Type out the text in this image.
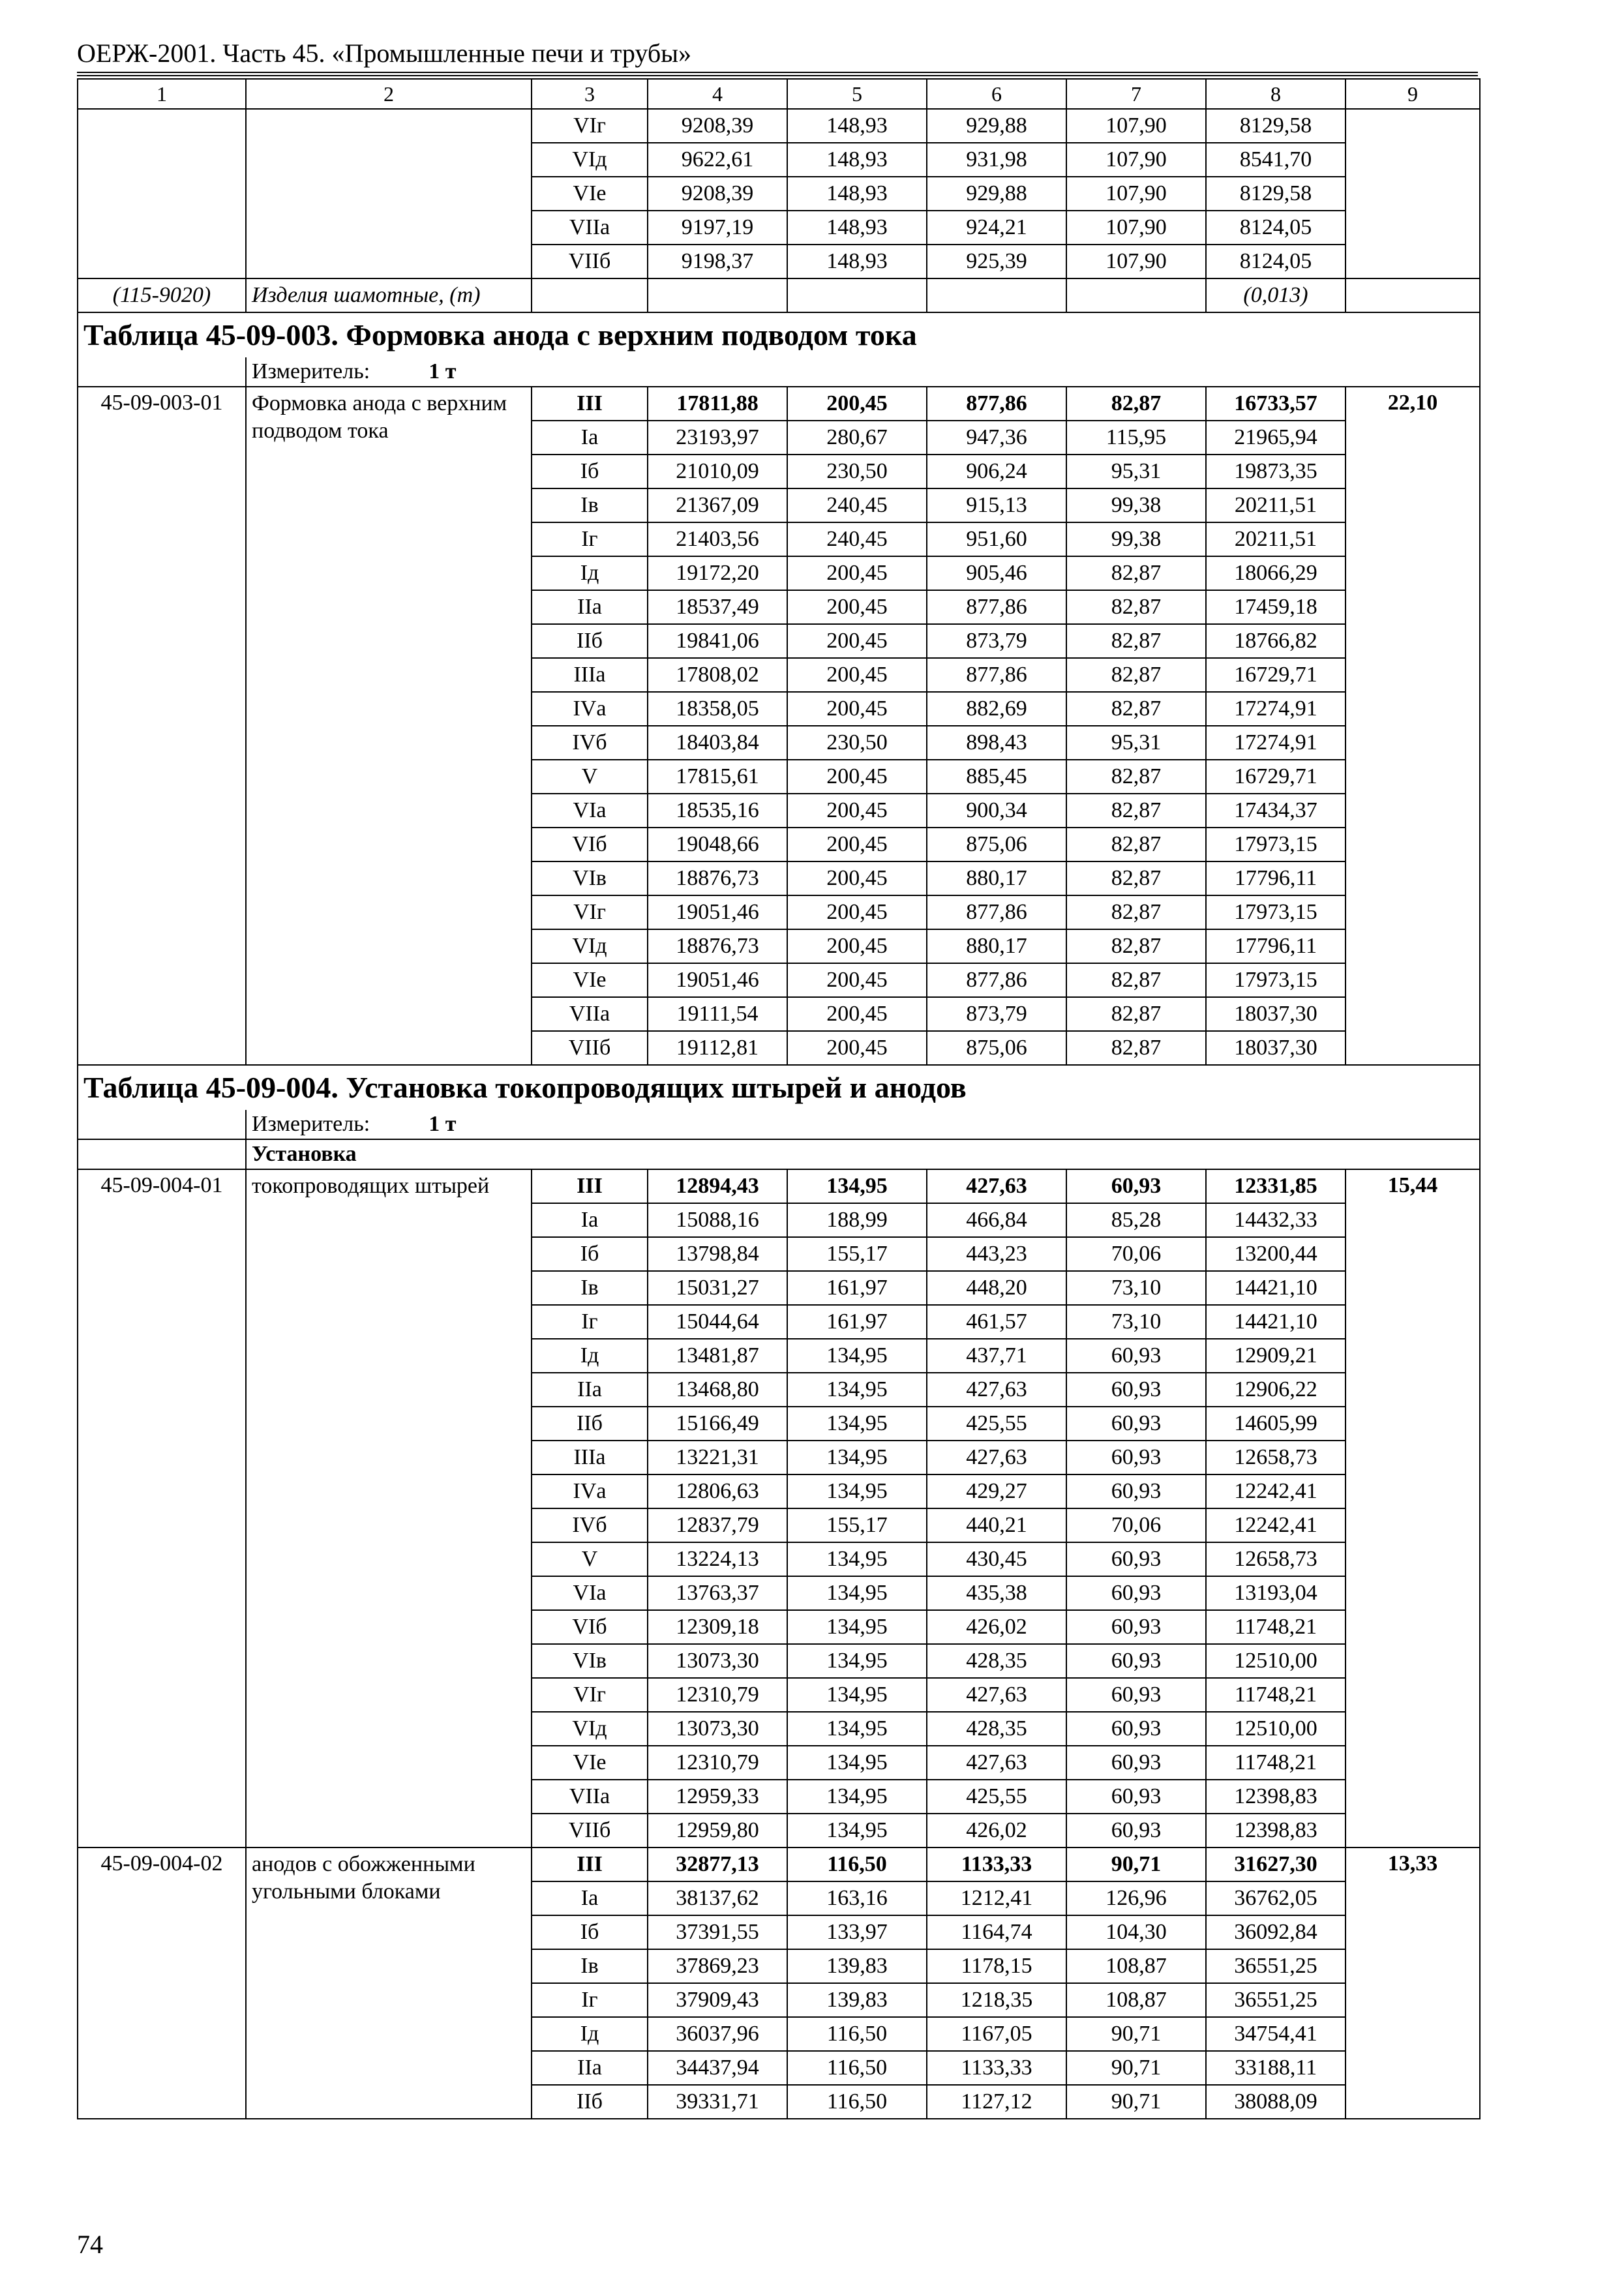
ОЕРЖ-2001. Часть 45. «Промышленные печи и трубы»
1	2	3	4	5	6	7	8	9
		VIг	9208,39	148,93	929,88	107,90	8129,58	
		VIд	9622,61	148,93	931,98	107,90	8541,70	
		VIе	9208,39	148,93	929,88	107,90	8129,58	
		VIIа	9197,19	148,93	924,21	107,90	8124,05	
		VIIб	9198,37	148,93	925,39	107,90	8124,05	
(115-9020)	Изделия шамотные, (т)						(0,013)	
Таблица 45-09-003. Формовка анода с верхним подводом тока								
	Измеритель: 1 т							
45-09-003-01	Формовка анода с верхним подводом тока	III	17811,88	200,45	877,86	82,87	16733,57	22,10
		Iа	23193,97	280,67	947,36	115,95	21965,94	
		Iб	21010,09	230,50	906,24	95,31	19873,35	
		Iв	21367,09	240,45	915,13	99,38	20211,51	
		Iг	21403,56	240,45	951,60	99,38	20211,51	
		Iд	19172,20	200,45	905,46	82,87	18066,29	
		IIа	18537,49	200,45	877,86	82,87	17459,18	
		IIб	19841,06	200,45	873,79	82,87	18766,82	
		IIIа	17808,02	200,45	877,86	82,87	16729,71	
		IVа	18358,05	200,45	882,69	82,87	17274,91	
		IVб	18403,84	230,50	898,43	95,31	17274,91	
		V	17815,61	200,45	885,45	82,87	16729,71	
		VIа	18535,16	200,45	900,34	82,87	17434,37	
		VIб	19048,66	200,45	875,06	82,87	17973,15	
		VIв	18876,73	200,45	880,17	82,87	17796,11	
		VIг	19051,46	200,45	877,86	82,87	17973,15	
		VIд	18876,73	200,45	880,17	82,87	17796,11	
		VIе	19051,46	200,45	877,86	82,87	17973,15	
		VIIа	19111,54	200,45	873,79	82,87	18037,30	
		VIIб	19112,81	200,45	875,06	82,87	18037,30	
Таблица 45-09-004. Установка токопроводящих штырей и анодов								
	Измеритель: 1 т							
	Установка							
45-09-004-01	токопроводящих штырей	III	12894,43	134,95	427,63	60,93	12331,85	15,44
		Iа	15088,16	188,99	466,84	85,28	14432,33	
		Iб	13798,84	155,17	443,23	70,06	13200,44	
		Iв	15031,27	161,97	448,20	73,10	14421,10	
		Iг	15044,64	161,97	461,57	73,10	14421,10	
		Iд	13481,87	134,95	437,71	60,93	12909,21	
		IIа	13468,80	134,95	427,63	60,93	12906,22	
		IIб	15166,49	134,95	425,55	60,93	14605,99	
		IIIа	13221,31	134,95	427,63	60,93	12658,73	
		IVа	12806,63	134,95	429,27	60,93	12242,41	
		IVб	12837,79	155,17	440,21	70,06	12242,41	
		V	13224,13	134,95	430,45	60,93	12658,73	
		VIа	13763,37	134,95	435,38	60,93	13193,04	
		VIб	12309,18	134,95	426,02	60,93	11748,21	
		VIв	13073,30	134,95	428,35	60,93	12510,00	
		VIг	12310,79	134,95	427,63	60,93	11748,21	
		VIд	13073,30	134,95	428,35	60,93	12510,00	
		VIе	12310,79	134,95	427,63	60,93	11748,21	
		VIIа	12959,33	134,95	425,55	60,93	12398,83	
		VIIб	12959,80	134,95	426,02	60,93	12398,83	
45-09-004-02	анодов с обожженными угольными блоками	III	32877,13	116,50	1133,33	90,71	31627,30	13,33
		Iа	38137,62	163,16	1212,41	126,96	36762,05	
		Iб	37391,55	133,97	1164,74	104,30	36092,84	
		Iв	37869,23	139,83	1178,15	108,87	36551,25	
		Iг	37909,43	139,83	1218,35	108,87	36551,25	
		Iд	36037,96	116,50	1167,05	90,71	34754,41	
		IIа	34437,94	116,50	1133,33	90,71	33188,11	
		IIб	39331,71	116,50	1127,12	90,71	38088,09	
74
